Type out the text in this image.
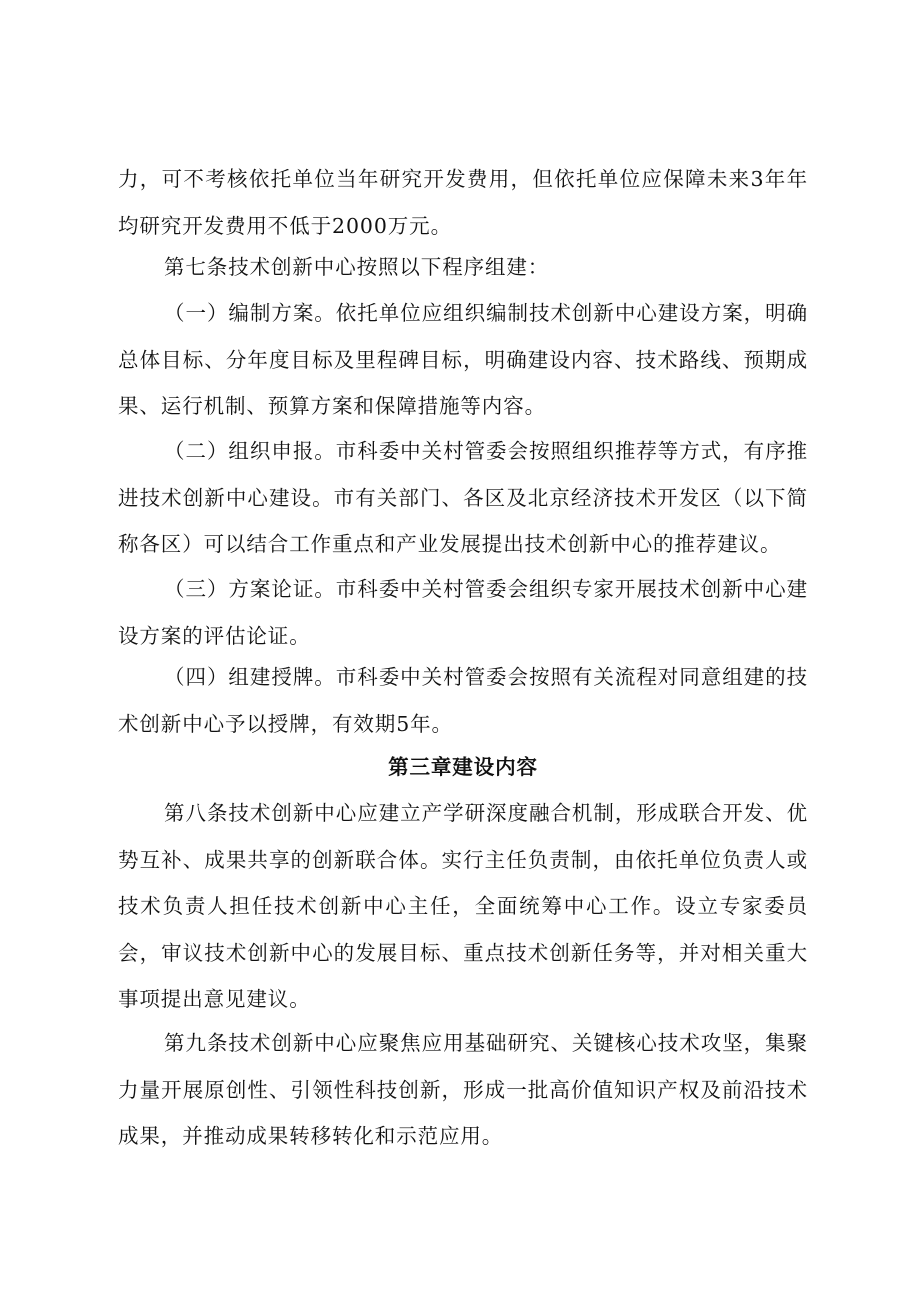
力，可不考核依托单位当年研究开发费用，但依托单位应保障未来3年年均研究开发费用不低于2000万元。

第七条技术创新中心按照以下程序组建：

（一）编制方案。依托单位应组织编制技术创新中心建设方案，明确总体目标、分年度目标及里程碑目标，明确建设内容、技术路线、预期成果、运行机制、预算方案和保障措施等内容。

（二）组织申报。市科委中关村管委会按照组织推荐等方式，有序推进技术创新中心建设。市有关部门、各区及北京经济技术开发区（以下简称各区）可以结合工作重点和产业发展提出技术创新中心的推荐建议。

（三）方案论证。市科委中关村管委会组织专家开展技术创新中心建设方案的评估论证。

（四）组建授牌。市科委中关村管委会按照有关流程对同意组建的技术创新中心予以授牌，有效期5年。

第三章建设内容

第八条技术创新中心应建立产学研深度融合机制，形成联合开发、优势互补、成果共享的创新联合体。实行主任负责制，由依托单位负责人或技术负责人担任技术创新中心主任，全面统筹中心工作。设立专家委员会，审议技术创新中心的发展目标、重点技术创新任务等，并对相关重大事项提出意见建议。

第九条技术创新中心应聚焦应用基础研究、关键核心技术攻坚，集聚力量开展原创性、引领性科技创新，形成一批高价值知识产权及前沿技术成果，并推动成果转移转化和示范应用。
